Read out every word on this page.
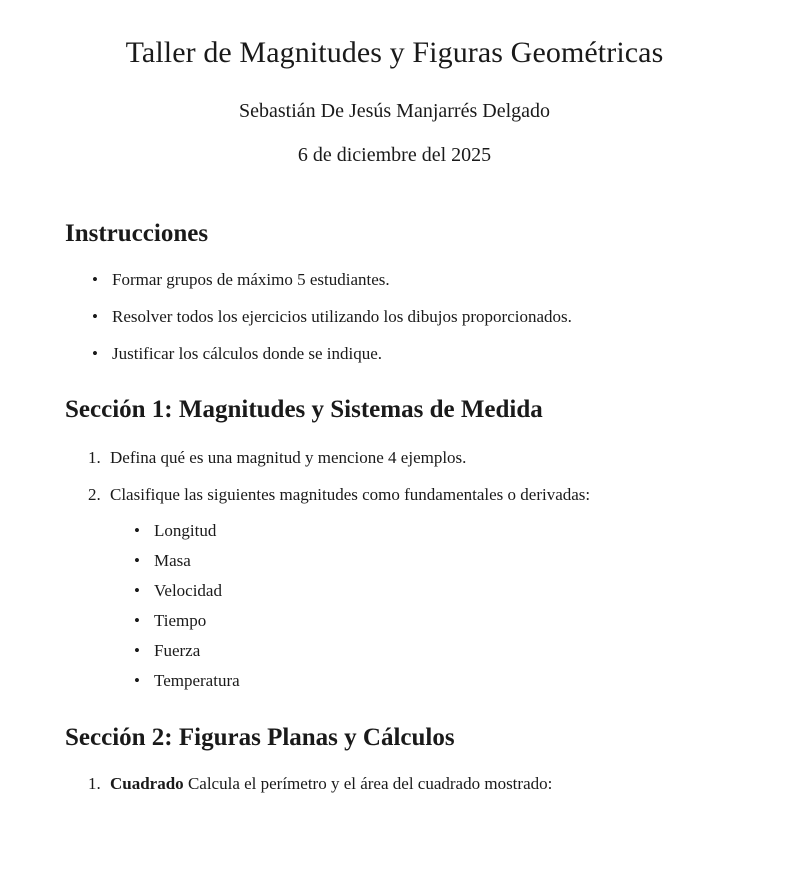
Taller de Magnitudes y Figuras Geométricas
Sebastián De Jesús Manjarrés Delgado
6 de diciembre del 2025
Instrucciones
• Formar grupos de máximo 5 estudiantes.
• Resolver todos los ejercicios utilizando los dibujos proporcionados.
• Justificar los cálculos donde se indique.
Sección 1: Magnitudes y Sistemas de Medida
1. Defina qué es una magnitud y mencione 4 ejemplos.
2. Clasifique las siguientes magnitudes como fundamentales o derivadas:
• Longitud
• Masa
• Velocidad
• Tiempo
• Fuerza
• Temperatura
Sección 2: Figuras Planas y Cálculos
1. Cuadrado Calcula el perímetro y el área del cuadrado mostrado:
